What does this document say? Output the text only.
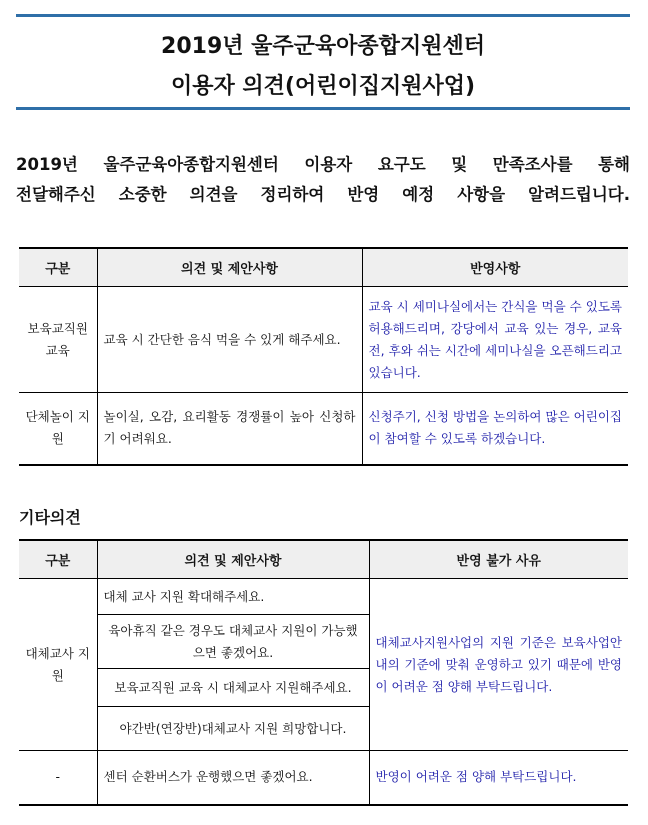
2019년 울주군육아종합지원센터
이용자 의견(어린이집지원사업)
2019년 울주군육아종합지원센터 이용자 요구도 및 만족조사를 통해
전달해주신 소중한 의견을 정리하여 반영 예정 사항을 알려드립니다.
구분	의견 및 제안사항	반영사항
보육교직원 교육	교육 시 간단한 음식 먹을 수 있게 해주세요.	교육 시 세미나실에서는 간식을 먹을 수 있도록 허용해드리며, 강당에서 교육 있는 경우, 교육 전, 후와 쉬는 시간에 세미나실을 오픈해드리고 있습니다.
단체놀이 지원	놀이실, 오감, 요리활동 경쟁률이 높아 신청하기 어려워요.	신청주기, 신청 방법을 논의하여 많은 어린이집이 참여할 수 있도록 하겠습니다.
기타의견
구분	의견 및 제안사항	반영 불가 사유
대체교사 지원	대체 교사 지원 확대해주세요.	대체교사지원사업의 지원 기준은 보육사업안내의 기준에 맞춰 운영하고 있기 때문에 반영이 어려운 점 양해 부탁드립니다.
	육아휴직 같은 경우도 대체교사 지원이 가능했으면 좋겠어요.	
	보육교직원 교육 시 대체교사 지원해주세요.	
	야간반(연장반)대체교사 지원 희망합니다.	
-	센터 순환버스가 운행했으면 좋겠어요.	반영이 어려운 점 양해 부탁드립니다.
